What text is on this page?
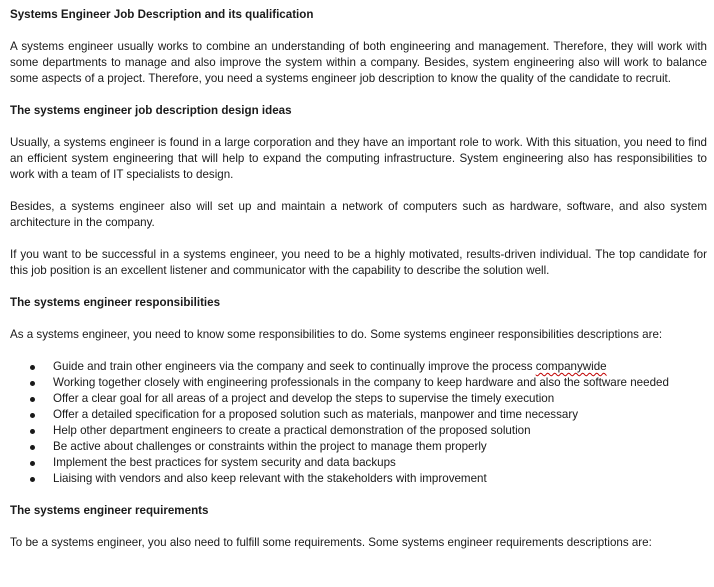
Systems Engineer Job Description and its qualification

A systems engineer usually works to combine an understanding of both engineering and management. Therefore, they will work with some departments to manage and also improve the system within a company. Besides, system engineering also will work to balance some aspects of a project. Therefore, you need a systems engineer job description to know the quality of the candidate to recruit.

The systems engineer job description design ideas

Usually, a systems engineer is found in a large corporation and they have an important role to work. With this situation, you need to find an efficient system engineering that will help to expand the computing infrastructure. System engineering also has responsibilities to work with a team of IT specialists to design.

Besides, a systems engineer also will set up and maintain a network of computers such as hardware, software, and also system architecture in the company.

If you want to be successful in a systems engineer, you need to be a highly motivated, results-driven individual. The top candidate for this job position is an excellent listener and communicator with the capability to describe the solution well.

The systems engineer responsibilities

As a systems engineer, you need to know some responsibilities to do. Some systems engineer responsibilities descriptions are:

Guide and train other engineers via the company and seek to continually improve the process companywide
Working together closely with engineering professionals in the company to keep hardware and also the software needed
Offer a clear goal for all areas of a project and develop the steps to supervise the timely execution
Offer a detailed specification for a proposed solution such as materials, manpower and time necessary
Help other department engineers to create a practical demonstration of the proposed solution
Be active about challenges or constraints within the project to manage them properly
Implement the best practices for system security and data backups
Liaising with vendors and also keep relevant with the stakeholders with improvement

The systems engineer requirements

To be a systems engineer, you also need to fulfill some requirements. Some systems engineer requirements descriptions are:
